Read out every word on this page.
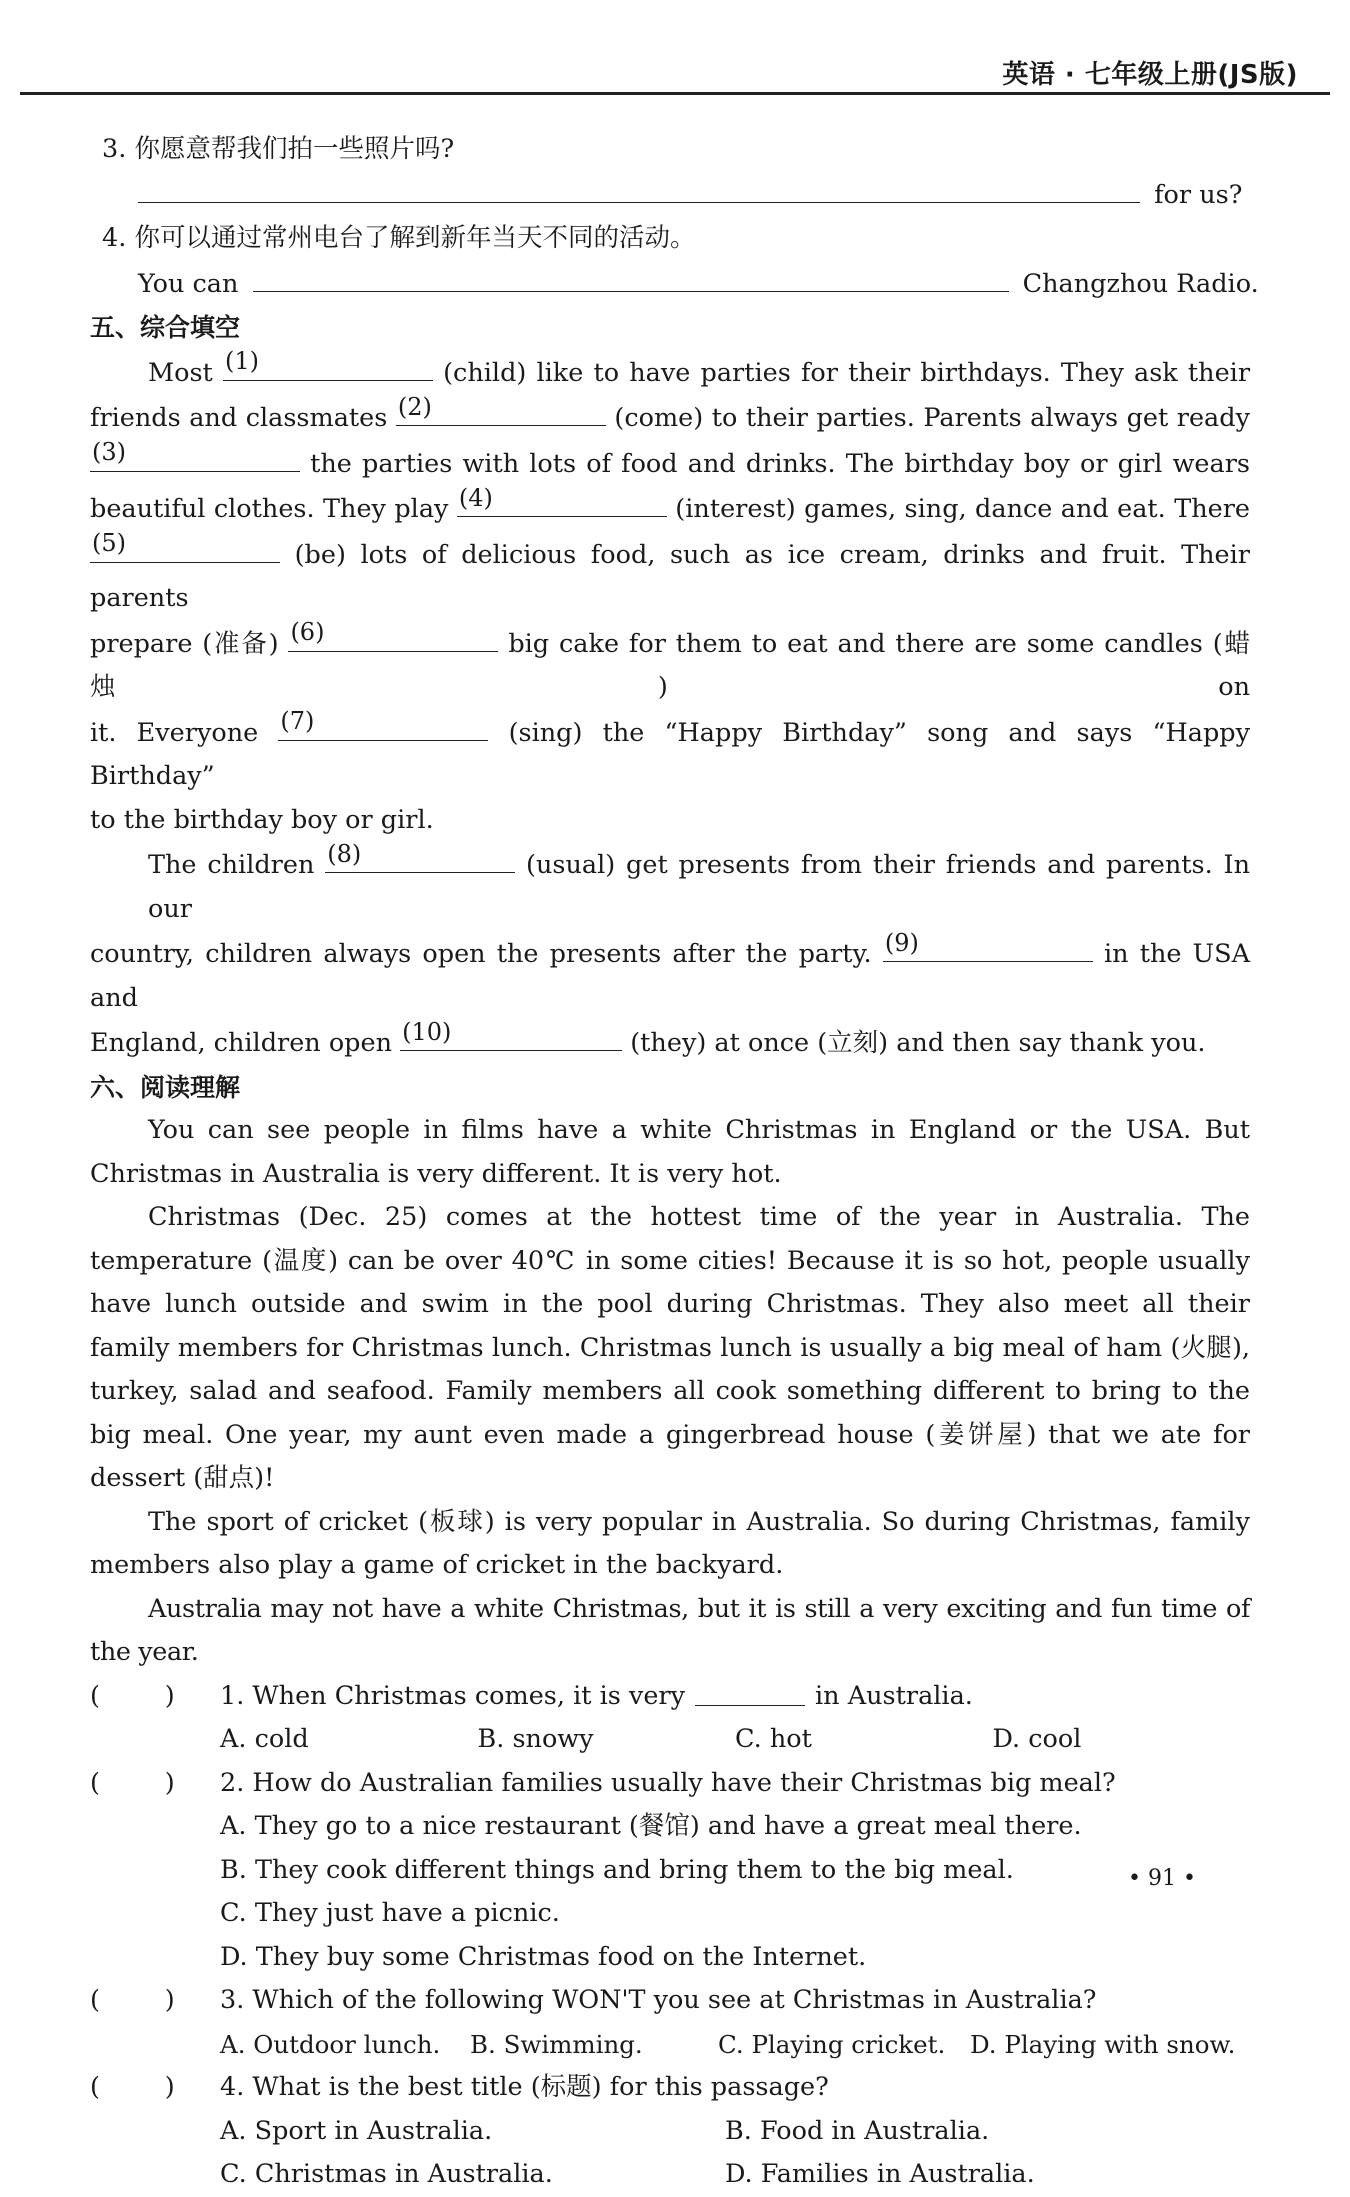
英语 · 七年级上册(JS版)
3. 你愿意帮我们拍一些照片吗?
for us?
4. 你可以通过常州电台了解到新年当天不同的活动。
You can	Changzhou Radio.
五、综合填空
Most (1)	(child) like to have parties for their birthdays. They ask their
friends and classmates (2)	(come) to their parties. Parents always get ready
(3)	the parties with lots of food and drinks. The birthday boy or girl wears
beautiful clothes. They play (4)	(interest) games, sing, dance and eat. There
(5)	(be) lots of delicious food, such as ice cream, drinks and fruit. Their parents
prepare (准备) (6)	big cake for them to eat and there are some candles (蜡烛) on
it. Everyone (7)	(sing) the “Happy Birthday” song and says “Happy Birthday”
to the birthday boy or girl.
The children (8)	(usual) get presents from their friends and parents. In our
country, children always open the presents after the party. (9)	in the USA and
England, children open (10)	(they) at once (立刻) and then say thank you.
六、阅读理解
You can see people in films have a white Christmas in England or the USA. But Christmas in Australia is very different. It is very hot.
Christmas (Dec. 25) comes at the hottest time of the year in Australia. The temperature (温度) can be over 40℃ in some cities! Because it is so hot, people usually have lunch outside and swim in the pool during Christmas. They also meet all their family members for Christmas lunch. Christmas lunch is usually a big meal of ham (火腿), turkey, salad and seafood. Family members all cook something different to bring to the big meal. One year, my aunt even made a gingerbread house (姜饼屋) that we ate for dessert (甜点)!
The sport of cricket (板球) is very popular in Australia. So during Christmas, family members also play a game of cricket in the backyard.
Australia may not have a white Christmas, but it is still a very exciting and fun time of the year.
(        )	1. When Christmas comes, it is very	in Australia.
A. cold	B. snowy	C. hot	D. cool
(        )	2. How do Australian families usually have their Christmas big meal?
A. They go to a nice restaurant (餐馆) and have a great meal there.
B. They cook different things and bring them to the big meal.
C. They just have a picnic.
D. They buy some Christmas food on the Internet.
(        )	3. Which of the following WON'T you see at Christmas in Australia?
A. Outdoor lunch.	B. Swimming.	C. Playing cricket.	D. Playing with snow.
(        )	4. What is the best title (标题) for this passage?
A. Sport in Australia.	B. Food in Australia.
C. Christmas in Australia.	D. Families in Australia.
• 91 •
